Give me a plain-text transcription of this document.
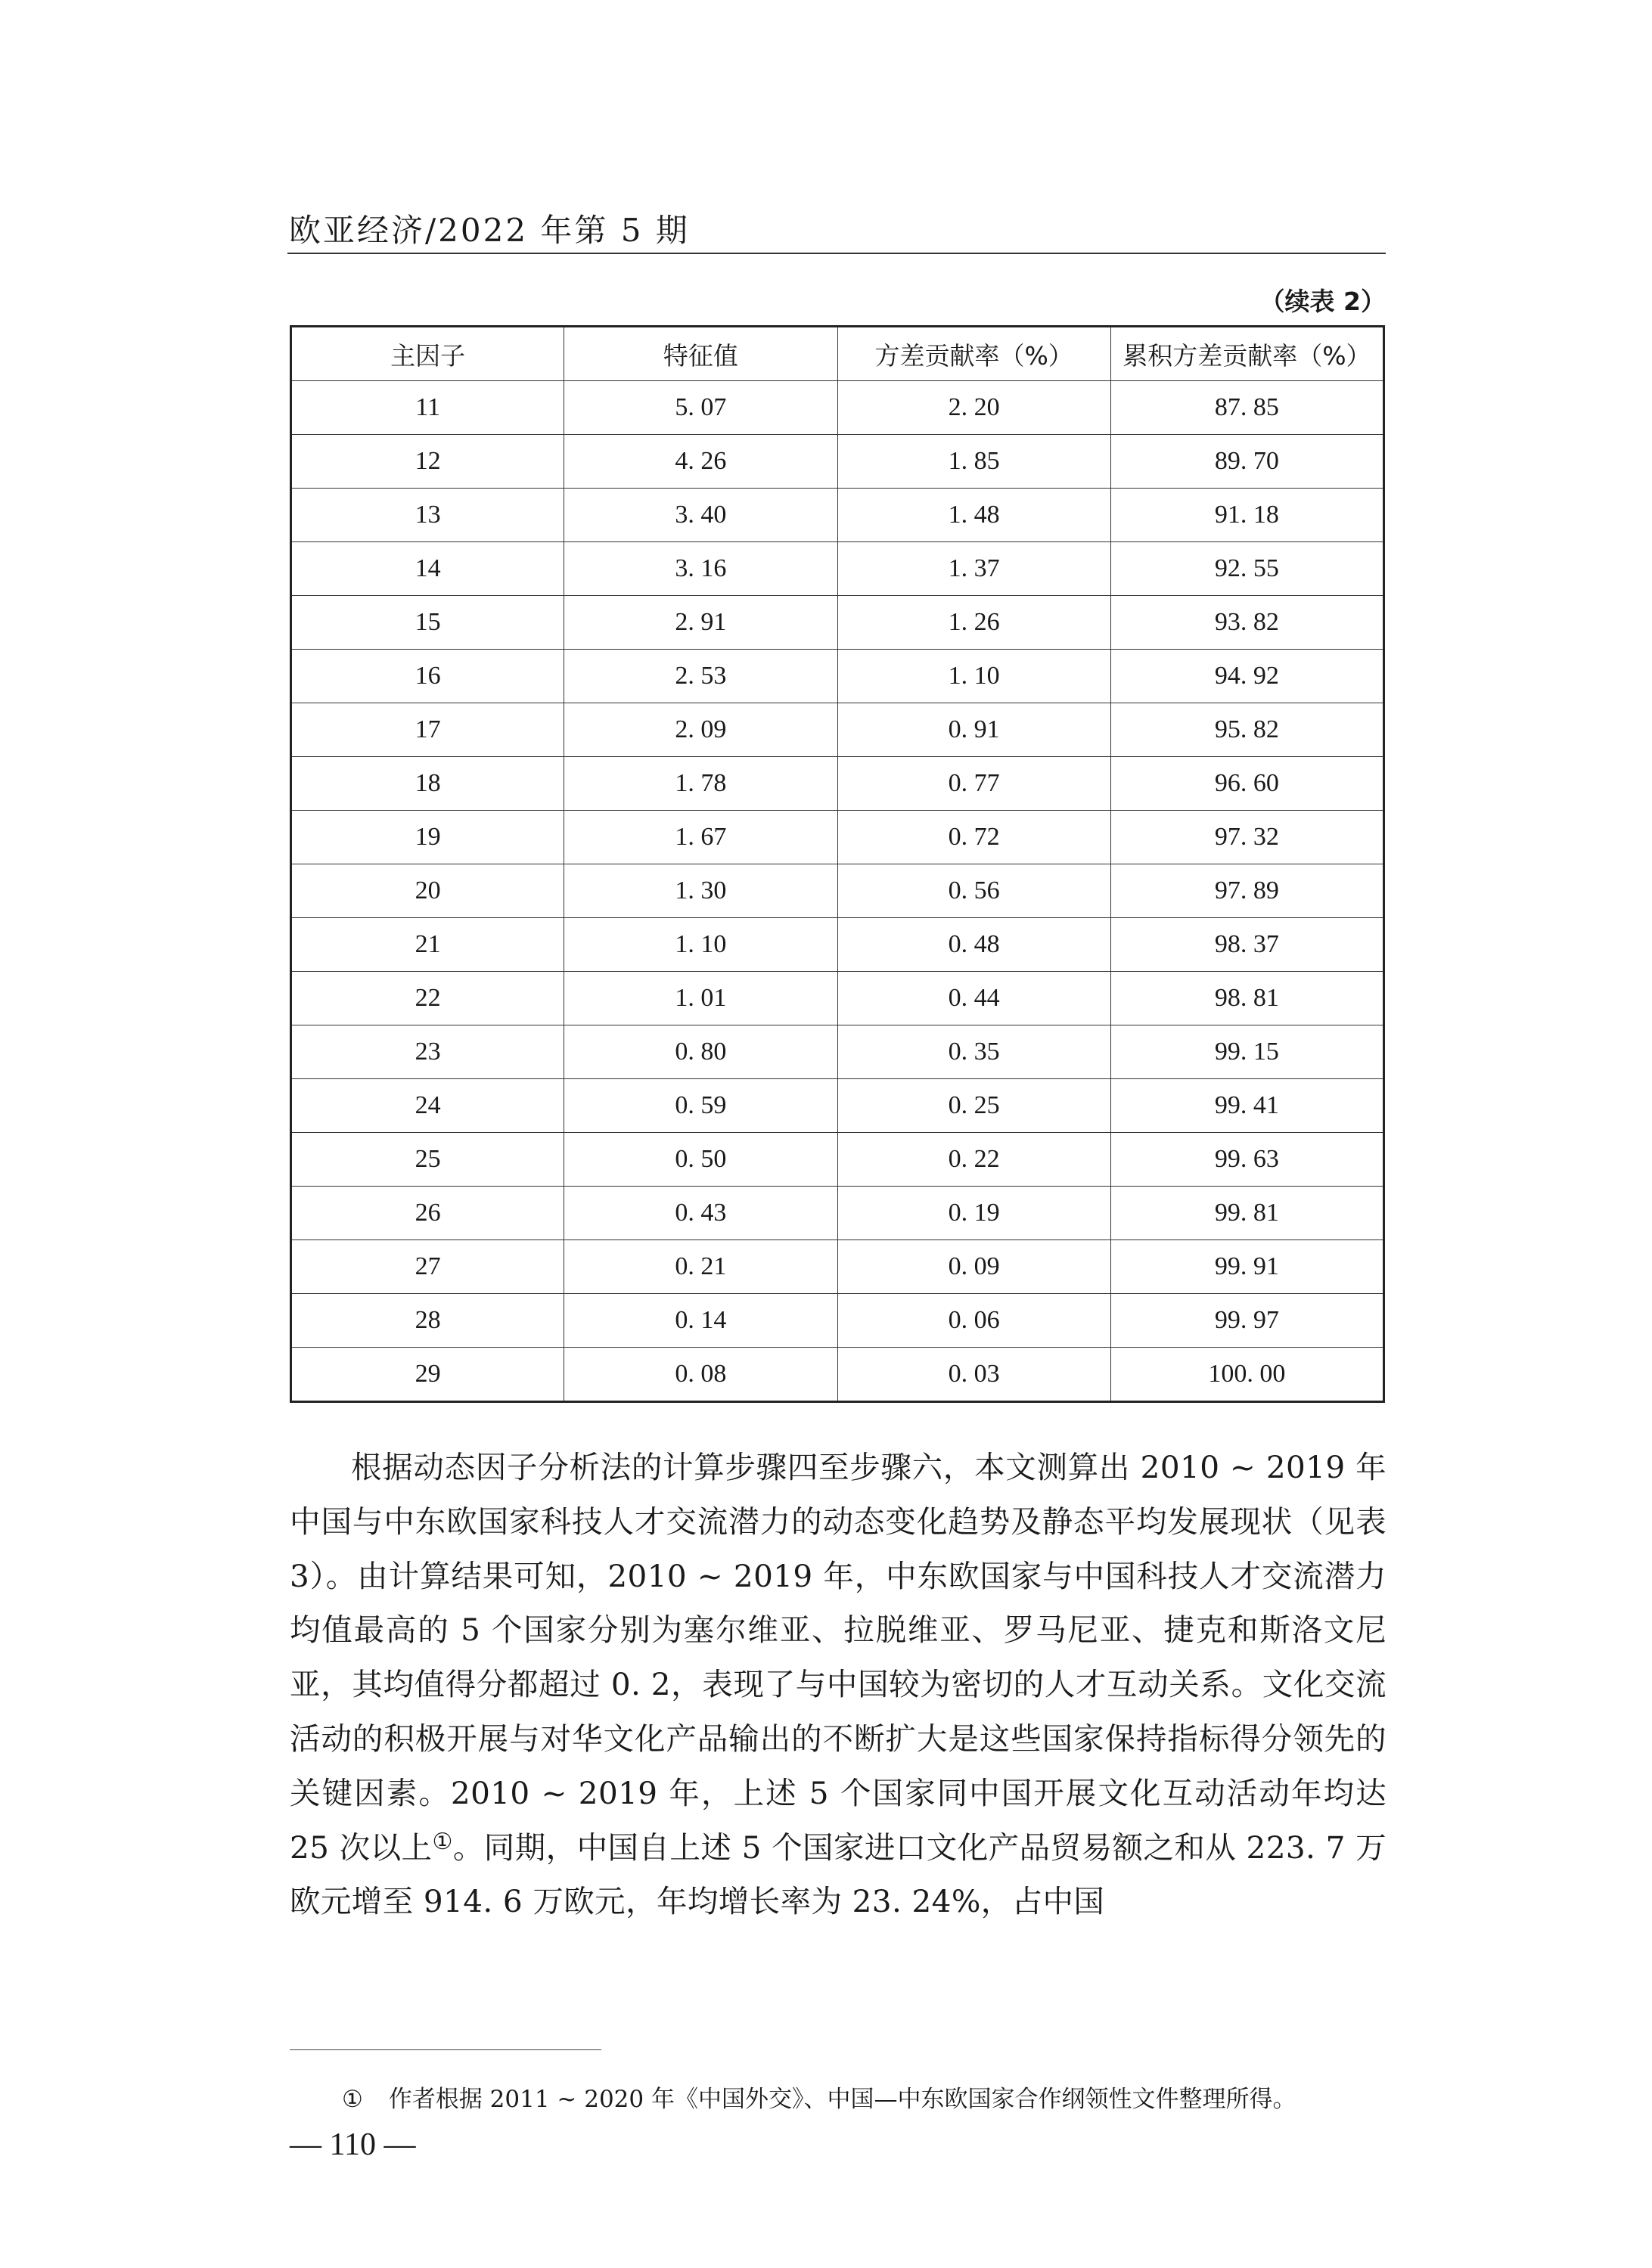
欧亚经济/2022 年第 5 期
（续表 2）
主因子	特征值	方差贡献率（%）	累积方差贡献率（%）
11	5. 07	2. 20	87. 85
12	4. 26	1. 85	89. 70
13	3. 40	1. 48	91. 18
14	3. 16	1. 37	92. 55
15	2. 91	1. 26	93. 82
16	2. 53	1. 10	94. 92
17	2. 09	0. 91	95. 82
18	1. 78	0. 77	96. 60
19	1. 67	0. 72	97. 32
20	1. 30	0. 56	97. 89
21	1. 10	0. 48	98. 37
22	1. 01	0. 44	98. 81
23	0. 80	0. 35	99. 15
24	0. 59	0. 25	99. 41
25	0. 50	0. 22	99. 63
26	0. 43	0. 19	99. 81
27	0. 21	0. 09	99. 91
28	0. 14	0. 06	99. 97
29	0. 08	0. 03	100. 00

根据动态因子分析法的计算步骤四至步骤六，本文测算出 2010 ~ 2019 年中国与中东欧国家科技人才交流潜力的动态变化趋势及静态平均发展现状（见表 3）。由计算结果可知，2010 ~ 2019 年，中东欧国家与中国科技人才交流潜力均值最高的 5 个国家分别为塞尔维亚、拉脱维亚、罗马尼亚、捷克和斯洛文尼亚，其均值得分都超过 0. 2，表现了与中国较为密切的人才互动关系。文化交流活动的积极开展与对华文化产品输出的不断扩大是这些国家保持指标得分领先的关键因素。2010 ~ 2019 年，上述 5 个国家同中国开展文化互动活动年均达 25 次以上①。同期，中国自上述 5 个国家进口文化产品贸易额之和从 223. 7 万欧元增至 914. 6 万欧元，年均增长率为 23. 24%，占中国

① 作者根据 2011 ~ 2020 年《中国外交》、中国—中东欧国家合作纲领性文件整理所得。
— 110 —
